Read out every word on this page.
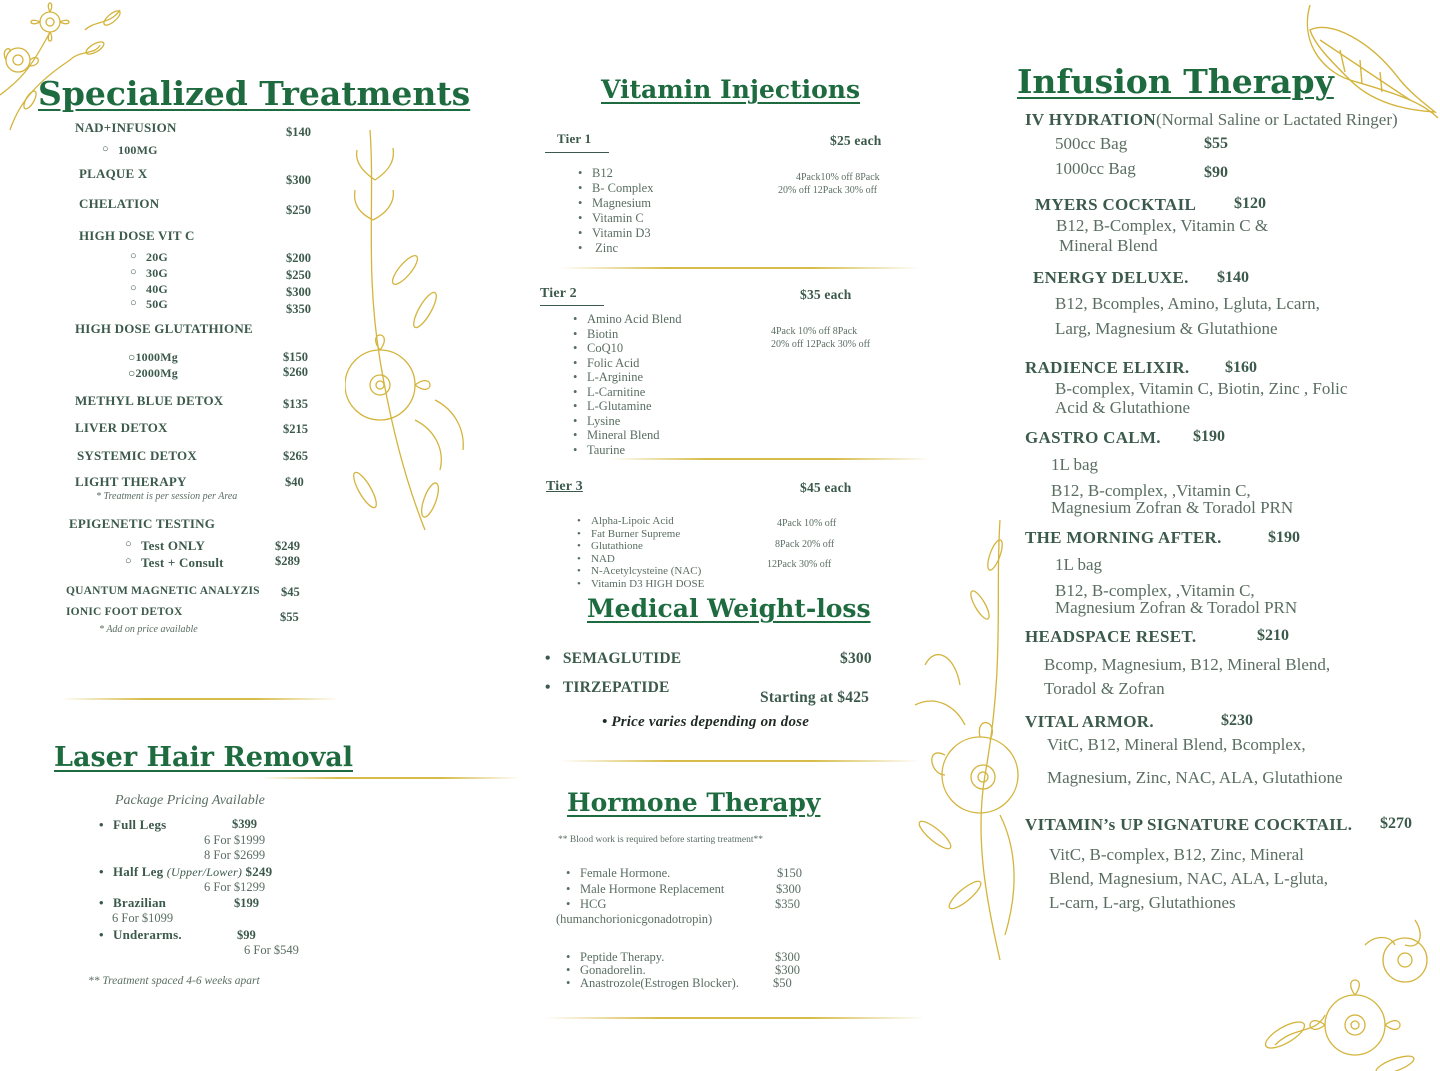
Specialized Treatments
NAD+INFUSION	$140
○ 100MG
PLAQUE X	$300
CHELATION	$250
HIGH DOSE VIT C
○ 20G	$200
○ 30G	$250
○ 40G	$300
○ 50G	$350
HIGH DOSE GLUTATHIONE
○1000Mg	$150
○2000Mg	$260
METHYL BLUE DETOX	$135
LIVER DETOX	$215
SYSTEMIC DETOX	$265
LIGHT THERAPY	$40
* Treatment is per session per Area
EPIGENETIC TESTING
○ Test ONLY	$249
○ Test + Consult	$289
QUANTUM MAGNETIC ANALYZIS $45
IONIC FOOT DETOX	$55
* Add on price available
Laser Hair Removal
Package Pricing Available
• Full Legs	$399
6 For $1999
8 For $2699
• Half Leg (Upper/Lower) $249
6 For $1299
• Brazilian	$199
6 For $1099
• Underarms.	$99
6 For $549
** Treatment spaced 4-6 weeks apart
Vitamin Injections
Tier 1	$25 each
• B12
• B- Complex
• Magnesium
• Vitamin C
• Vitamin D3
•  Zinc
4Pack10% off 8Pack
20% off 12Pack 30% off
Tier 2	$35 each
• Amino Acid Blend
• Biotin
• CoQ10
• Folic Acid
• L-Arginine
• L-Carnitine
• L-Glutamine
• Lysine
• Mineral Blend
• Taurine
4Pack 10% off 8Pack
20% off 12Pack 30% off
Tier 3	$45 each
• Alpha-Lipoic Acid
• Fat Burner Supreme
• Glutathione
• NAD
• N-Acetylcysteine (NAC)
• Vitamin D3 HIGH DOSE
4Pack 10% off
8Pack 20% off
12Pack 30% off
Medical Weight-loss
•   SEMAGLUTIDE	$300
•   TIRZEPATIDE
Starting at $425
• Price varies depending on dose
Hormone Therapy
** Blood work is required before starting treatment**
• Female Hormone.	$150
• Male Hormone Replacement	$300
• HCG	$350
(humanchorionicgonadotropin)
• Peptide Therapy.	$300
• Gonadorelin.	$300
• Anastrozole(Estrogen Blocker).	$50
Infusion Therapy
IV HYDRATION(Normal Saline or Lactated Ringer)
500cc Bag	$55
1000cc Bag	$90
MYERS COCKTAIL $120
B12, B-Complex, Vitamin C &
Mineral Blend
ENERGY DELUXE. $140
B12, Bcomples, Amino, Lgluta, Lcarn,
Larg, Magnesium & Glutathione
RADIENCE ELIXIR. $160
B-complex, Vitamin C, Biotin, Zinc , Folic
Acid & Glutathione
GASTRO CALM. $190
1L bag
B12, B-complex, ,Vitamin C,
Magnesium Zofran & Toradol PRN
THE MORNING AFTER.	$190
1L bag
B12, B-complex, ,Vitamin C,
Magnesium Zofran & Toradol PRN
HEADSPACE RESET.	$210
Bcomp, Magnesium, B12, Mineral Blend,
Toradol & Zofran
VITAL ARMOR.	$230
VitC, B12, Mineral Blend, Bcomplex,
Magnesium, Zinc, NAC, ALA, Glutathione
VITAMIN’s UP SIGNATURE COCKTAIL. $270
VitC, B-complex, B12, Zinc, Mineral
Blend, Magnesium, NAC, ALA, L-gluta,
L-carn, L-arg, Glutathiones
